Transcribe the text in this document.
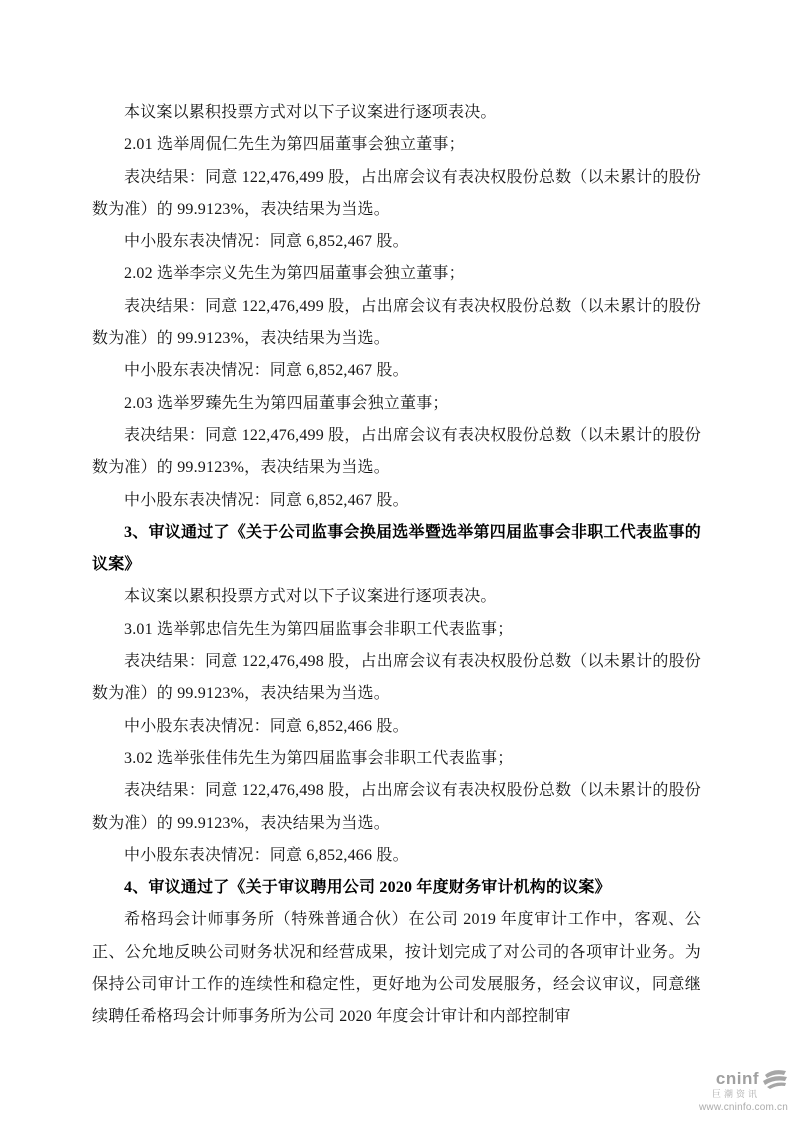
本议案以累积投票方式对以下子议案进行逐项表决。

2.01 选举周侃仁先生为第四届董事会独立董事；

表决结果：同意 122,476,499 股，占出席会议有表决权股份总数（以未累计的股份数为准）的 99.9123%，表决结果为当选。

中小股东表决情况：同意 6,852,467 股。

2.02 选举李宗义先生为第四届董事会独立董事；

表决结果：同意 122,476,499 股，占出席会议有表决权股份总数（以未累计的股份数为准）的 99.9123%，表决结果为当选。

中小股东表决情况：同意 6,852,467 股。

2.03 选举罗臻先生为第四届董事会独立董事；

表决结果：同意 122,476,499 股，占出席会议有表决权股份总数（以未累计的股份数为准）的 99.9123%，表决结果为当选。

中小股东表决情况：同意 6,852,467 股。

3、审议通过了《关于公司监事会换届选举暨选举第四届监事会非职工代表监事的议案》

本议案以累积投票方式对以下子议案进行逐项表决。

3.01 选举郭忠信先生为第四届监事会非职工代表监事；

表决结果：同意 122,476,498 股，占出席会议有表决权股份总数（以未累计的股份数为准）的 99.9123%，表决结果为当选。

中小股东表决情况：同意 6,852,466 股。

3.02 选举张佳伟先生为第四届监事会非职工代表监事；

表决结果：同意 122,476,498 股，占出席会议有表决权股份总数（以未累计的股份数为准）的 99.9123%，表决结果为当选。

中小股东表决情况：同意 6,852,466 股。

4、审议通过了《关于审议聘用公司 2020 年度财务审计机构的议案》

希格玛会计师事务所（特殊普通合伙）在公司 2019 年度审计工作中，客观、公正、公允地反映公司财务状况和经营成果，按计划完成了对公司的各项审计业务。为保持公司审计工作的连续性和稳定性，更好地为公司发展服务，经会议审议，同意继续聘任希格玛会计师事务所为公司 2020 年度会计审计和内部控制审

cninf
巨潮资讯
www.cninfo.com.cn
